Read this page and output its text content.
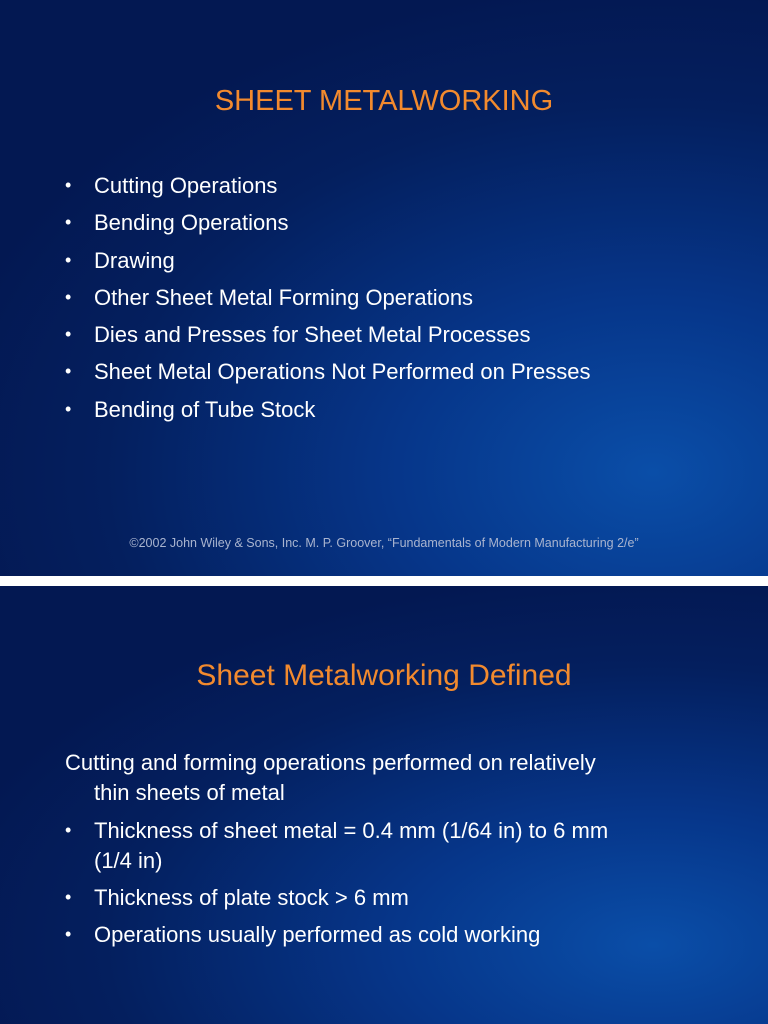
SHEET METALWORKING
• Cutting Operations
• Bending Operations
• Drawing
• Other Sheet Metal Forming Operations
• Dies and Presses for Sheet Metal Processes
• Sheet Metal Operations Not Performed on Presses
• Bending of Tube Stock
©2002 John Wiley & Sons, Inc. M. P. Groover, “Fundamentals of Modern Manufacturing 2/e”
Sheet Metalworking Defined

Cutting and forming operations performed on relatively
thin sheets of metal

• Thickness of sheet metal = 0.4 mm (1/64 in) to 6 mm
(1/4 in)
• Thickness of plate stock > 6 mm
• Operations usually performed as cold working
